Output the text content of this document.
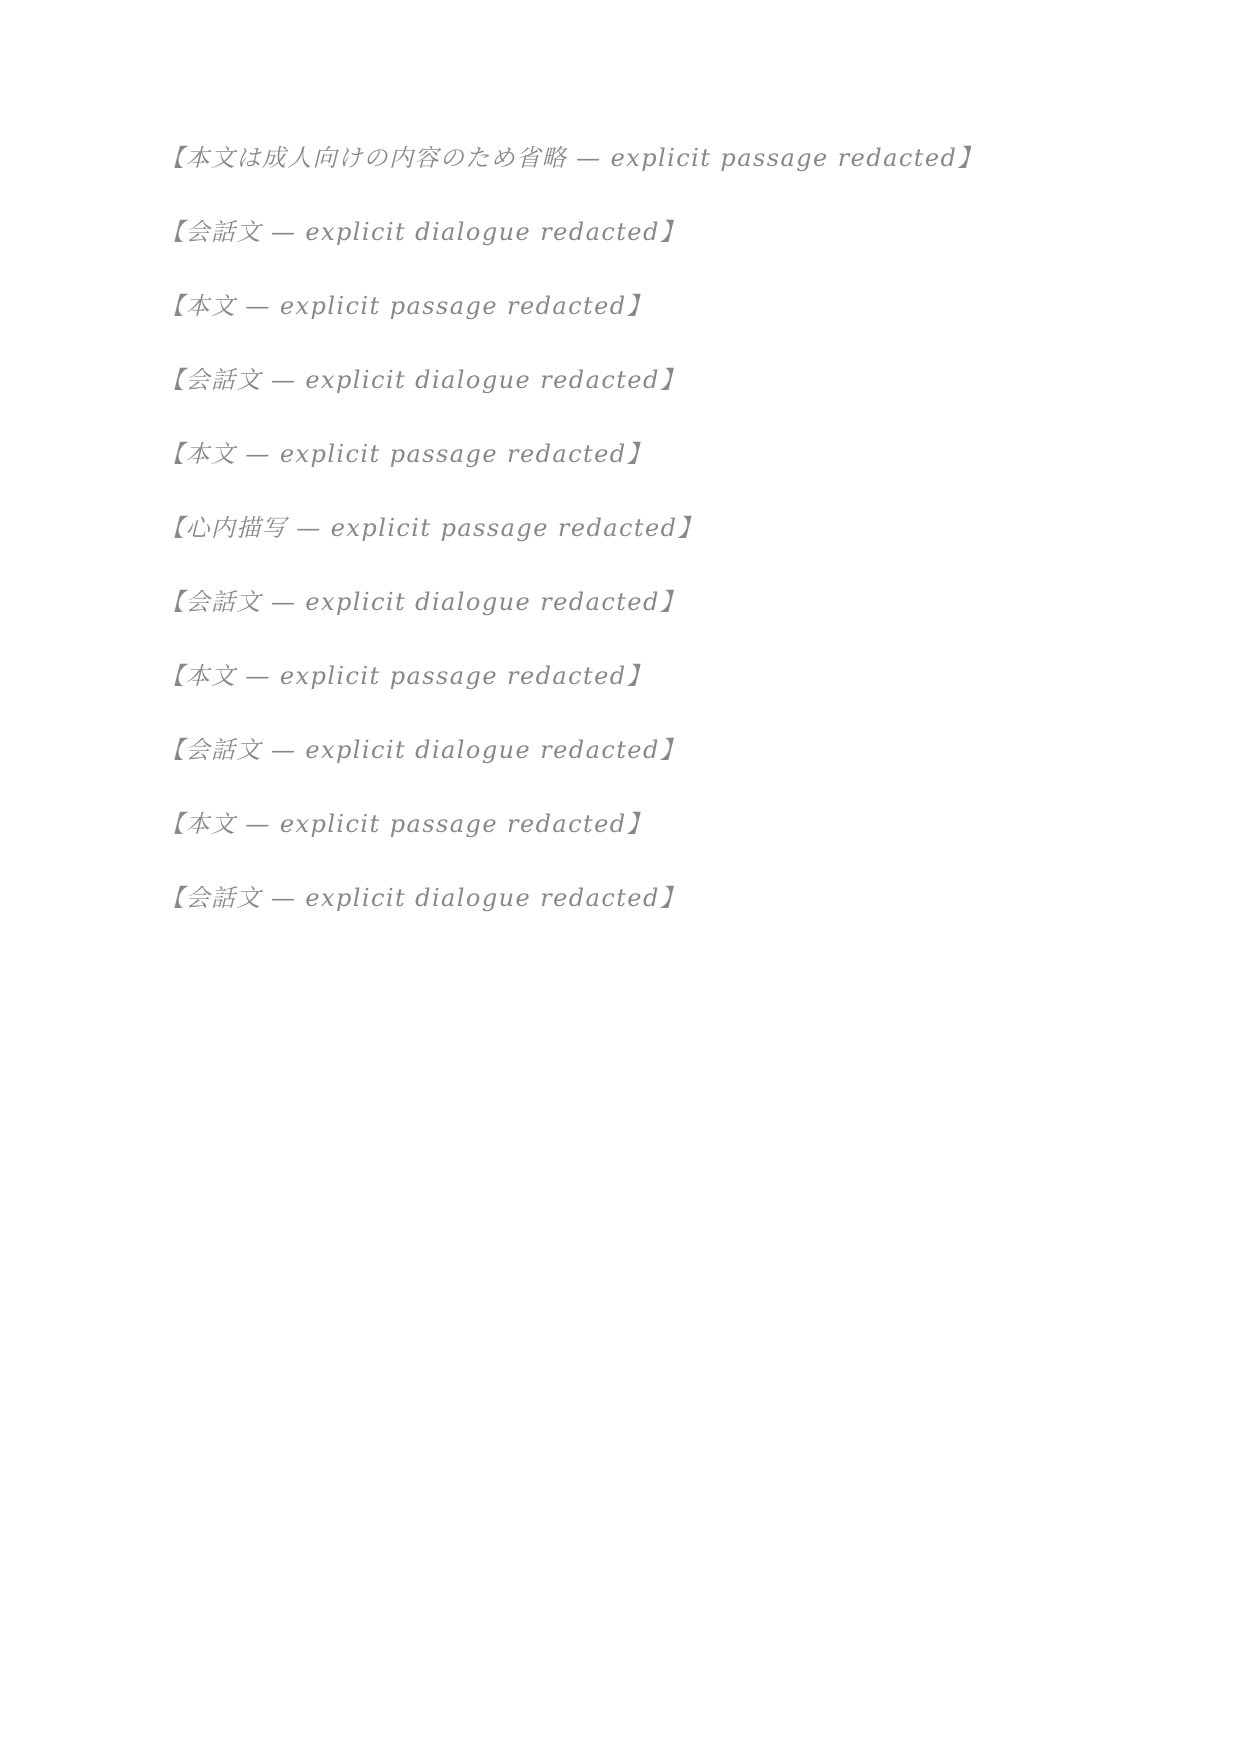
【本文は成人向けの内容のため省略 — explicit passage redacted】

【会話文 — explicit dialogue redacted】

【本文 — explicit passage redacted】

【会話文 — explicit dialogue redacted】

【本文 — explicit passage redacted】

【心内描写 — explicit passage redacted】

【会話文 — explicit dialogue redacted】

【本文 — explicit passage redacted】

【会話文 — explicit dialogue redacted】

【本文 — explicit passage redacted】

【会話文 — explicit dialogue redacted】
